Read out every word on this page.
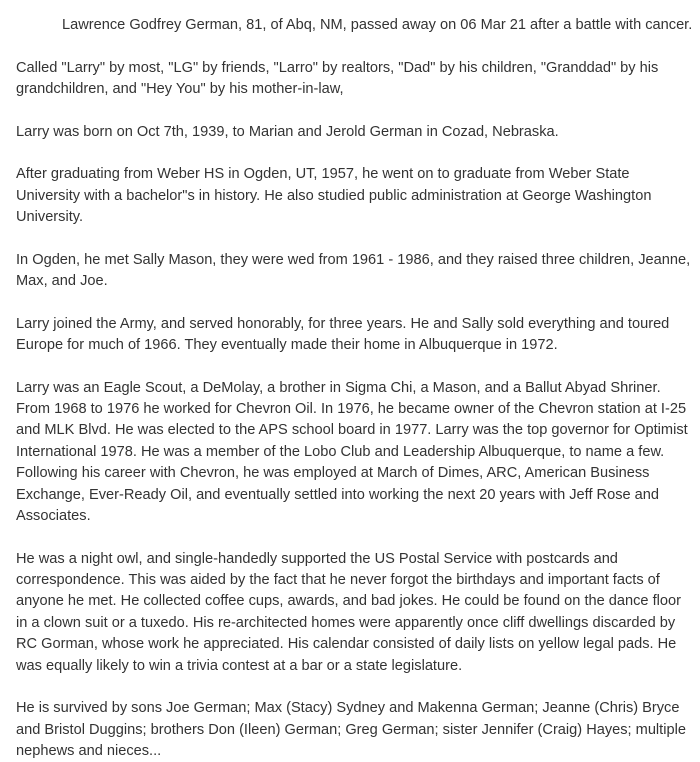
Lawrence Godfrey German, 81, of Abq, NM, passed away on 06 Mar 21 after a battle with cancer.

Called "Larry" by most, "LG" by friends, "Larro" by realtors, "Dad" by his children, "Granddad" by his grandchildren, and "Hey You" by his mother-in-law,

Larry was born on Oct 7th, 1939, to Marian and Jerold German in Cozad, Nebraska.

After graduating from Weber HS in Ogden, UT, 1957, he went on to graduate from Weber State University with a bachelor"s in history. He also studied public administration at George Washington University.

In Ogden, he met Sally Mason, they were wed from 1961 - 1986, and they raised three children, Jeanne, Max, and Joe.

Larry joined the Army, and served honorably, for three years. He and Sally sold everything and toured Europe for much of 1966. They eventually made their home in Albuquerque in 1972.

Larry was an Eagle Scout, a DeMolay, a brother in Sigma Chi, a Mason, and a Ballut Abyad Shriner. From 1968 to 1976 he worked for Chevron Oil. In 1976, he became owner of the Chevron station at I-25 and MLK Blvd. He was elected to the APS school board in 1977. Larry was the top governor for Optimist International 1978. He was a member of the Lobo Club and Leadership Albuquerque, to name a few. Following his career with Chevron, he was employed at March of Dimes, ARC, American Business Exchange, Ever-Ready Oil, and eventually settled into working the next 20 years with Jeff Rose and Associates.

He was a night owl, and single-handedly supported the US Postal Service with postcards and correspondence. This was aided by the fact that he never forgot the birthdays and important facts of anyone he met. He collected coffee cups, awards, and bad jokes. He could be found on the dance floor in a clown suit or a tuxedo. His re-architected homes were apparently once cliff dwellings discarded by RC Gorman, whose work he appreciated. His calendar consisted of daily lists on yellow legal pads. He was equally likely to win a trivia contest at a bar or a state legislature.

He is survived by sons Joe German; Max (Stacy) Sydney and Makenna German; Jeanne (Chris) Bryce and Bristol Duggins; brothers Don (Ileen) German; Greg German; sister Jennifer (Craig) Hayes; multiple nephews and nieces...
